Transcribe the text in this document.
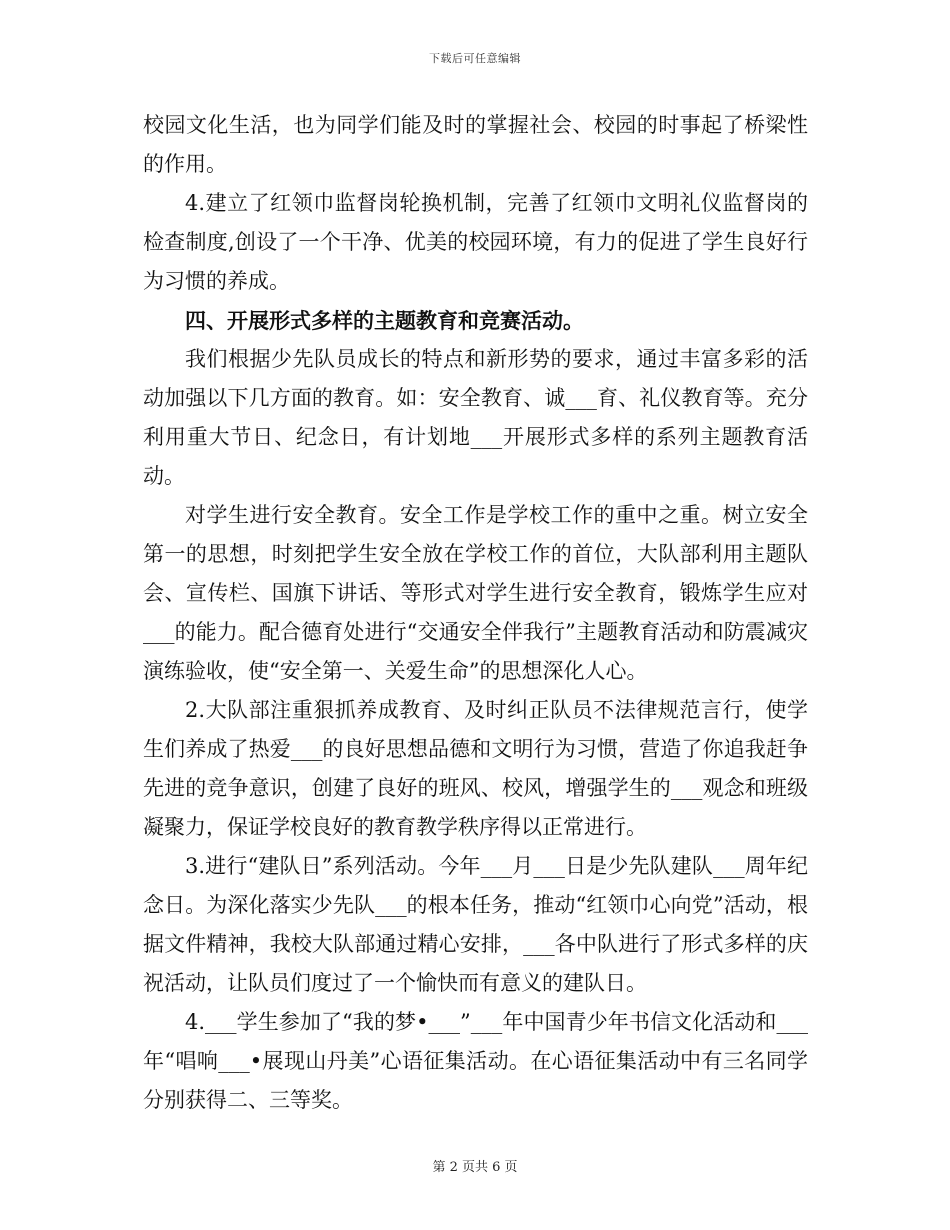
下载后可任意编辑

校园文化生活，也为同学们能及时的掌握社会、校园的时事起了桥梁性的作用。

4.建立了红领巾监督岗轮换机制，完善了红领巾文明礼仪监督岗的检查制度,创设了一个干净、优美的校园环境，有力的促进了学生良好行为习惯的养成。

四、开展形式多样的主题教育和竞赛活动。

我们根据少先队员成长的特点和新形势的要求，通过丰富多彩的活动加强以下几方面的教育。如：安全教育、诚___育、礼仪教育等。充分利用重大节日、纪念日，有计划地___开展形式多样的系列主题教育活动。

对学生进行安全教育。安全工作是学校工作的重中之重。树立安全第一的思想，时刻把学生安全放在学校工作的首位，大队部利用主题队会、宣传栏、国旗下讲话、等形式对学生进行安全教育，锻炼学生应对___的能力。配合德育处进行“交通安全伴我行”主题教育活动和防震减灾演练验收，使“安全第一、关爱生命”的思想深化人心。

2.大队部注重狠抓养成教育、及时纠正队员不法律规范言行，使学生们养成了热爱___的良好思想品德和文明行为习惯，营造了你追我赶争先进的竞争意识，创建了良好的班风、校风，增强学生的___观念和班级凝聚力，保证学校良好的教育教学秩序得以正常进行。

3.进行“建队日”系列活动。今年___月___日是少先队建队___周年纪念日。为深化落实少先队___的根本任务，推动“红领巾心向党”活动，根据文件精神，我校大队部通过精心安排，___各中队进行了形式多样的庆祝活动，让队员们度过了一个愉快而有意义的建队日。

4.___学生参加了“我的梦•___”___年中国青少年书信文化活动和___年“唱响___•展现山丹美”心语征集活动。在心语征集活动中有三名同学分别获得二、三等奖。

第 2 页共 6 页
